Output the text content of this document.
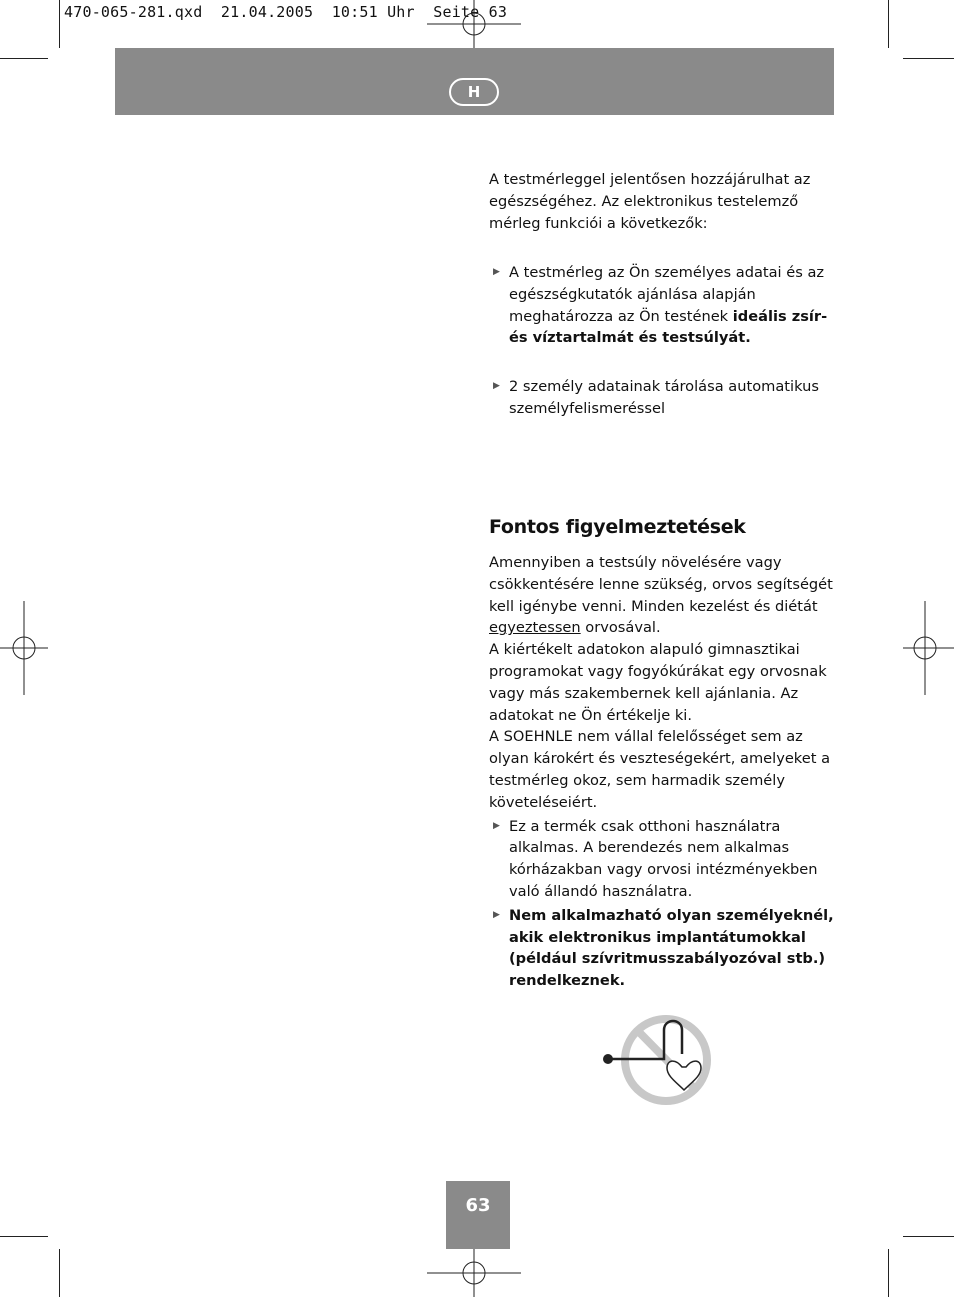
470-065-281.qxd  21.04.2005  10:51 Uhr  Seite 63
H
A testmérleggel jelentősen hozzájárulhat az egészségéhez. Az elektronikus testelemző mérleg funkciói a következők:
▶ A testmérleg az Ön személyes adatai és az egészségkutatók ajánlása alapján meghatározza az Ön testének ideális zsír- és víztartalmát és testsúlyát.
▶ 2 személy adatainak tárolása automatikus személyfelismeréssel
Fontos figyelmeztetések
Amennyiben a testsúly növelésére vagy csökkentésére lenne szükség, orvos segítségét kell igénybe venni. Minden kezelést és diétát egyeztessen orvosával.
A kiértékelt adatokon alapuló gimnasztikai programokat vagy fogyókúrákat egy orvosnak vagy más szakembernek kell ajánlania. Az adatokat ne Ön értékelje ki.
A SOEHNLE nem vállal felelősséget sem az olyan károkért és veszteségekért, amelyeket a testmérleg okoz, sem harmadik személy követeléseiért.
▶ Ez a termék csak otthoni használatra alkalmas. A berendezés nem alkalmas kórházakban vagy orvosi intézményekben való állandó használatra.
▶ Nem alkalmazható olyan személyeknél, akik elektronikus implantátumokkal (például szívritmusszabályozóval stb.) rendelkeznek.
63
